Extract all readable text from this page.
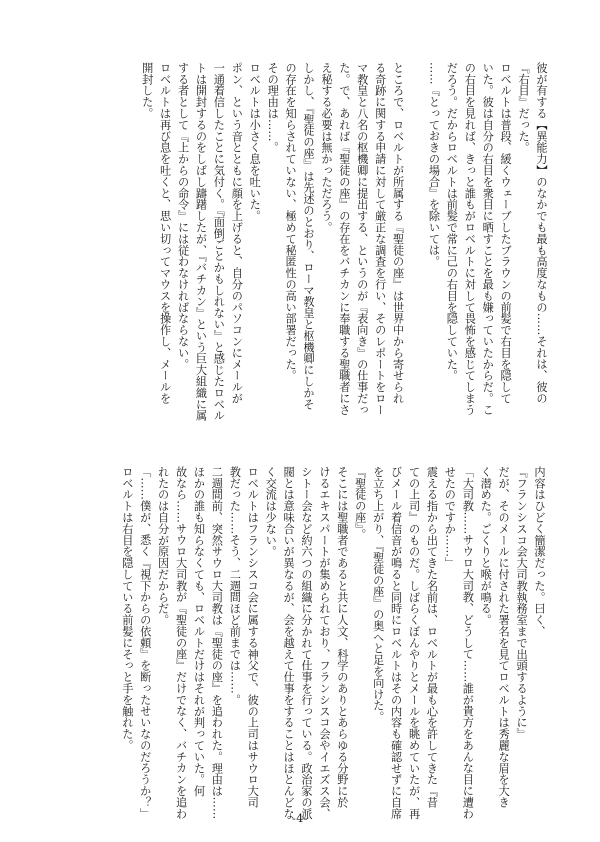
彼が有する【異能力】のなかでも最も高度なもの……それは、彼の

『右目』だった。

ロベルトは普段、緩くウェーブしたブラウンの前髪で右目を隠して

いた。彼は自分の右目を衆目に晒すことを最も嫌っていたからだ。こ

の右目を見れば、きっと誰もがロベルトに対して畏怖を感じてしまう

だろう。だからロベルトは前髪で常に己の右目を隠していた。

……『とっておきの場合』を除いては。

ところで、ロベルトが所属する『聖徒の座』は世界中から寄せられ

る奇跡に関する申請に対して厳正な調査を行い、そのレポートをロー

マ教皇と八名の枢機卿に提出する、というのが『表向き』の仕事だっ

た。で、あれば『聖徒の座』の存在をバチカンに奉職する聖職者にさ

え秘する必要は無かっただろう。

しかし、『聖徒の座』は先述のとおり、ローマ教皇と枢機卿にしかそ

の存在を知らされていない、極めて秘匿性の高い部署だった。

その理由は……。

ロベルトは小さく息を吐いた。

ポン、という音とともに顔を上げると、自分のパソコンにメールが

一通着信したことに気付く。『面倒ごとかもしれない』と感じたロベル

トは開封するのをしばし躊躇したが、『バチカン』という巨大組織に属

する者として『上からの命令』には従わなければならない。

ロベルトは再び息を吐くと、思い切ってマウスを操作し、メールを

開封した。

内容はひどく簡潔だった。曰く、

『フランシスコ会大司教執務室まで出頭するように』

だが、そのメールに付された署名を見てロベルトは秀麗な眉を大き

く潜めた。ごくりと喉が鳴る。

「大司教……サウロ大司教、どうして……誰が貴方をあんな目に遭わ

せたのですか……」

震える指から出てきた名前は、ロベルトが最も心を許してきた『昔

ての上司』のものだ。しばらくぼんやりとメールを眺めていたが、再

びメール着信音が鳴ると同時にロベルトはその内容も確認せずに自席

を立ち上がり、『聖徒の座』の奥へと足を向けた。

『聖徒の座』。

そこには聖職者であると共に人文、科学のありとあらゆる分野に於

けるエキスパートが集められており、フランシスコ会やイエズス会、

シトー会など約六つの組織に分かれて仕事を行っている。政治家の派

閥とは意味合いが異なるが、会を越えて仕事をすることはほとんどな

く交流は少ない。

ロベルトはフランシスコ会に属する神父で、彼の上司はサウロ大司

教だった……そう、二週間ほど前までは……。

二週間前、突然サウロ大司教は『聖徒の座』を追われた。理由は……

ほかの誰も知らなくても、ロベルトだけはそれが判っていた。何

故なら……サウロ大司教が『聖徒の座』だけでなく、バチカンを追わ

れたのは自分が原因だからだ。

「……僕が、悉く『視下からの依頼』を断ったせいなのだろうか？」

ロベルトは右目を隠している前髪にそっと手を触れた。

-4-
